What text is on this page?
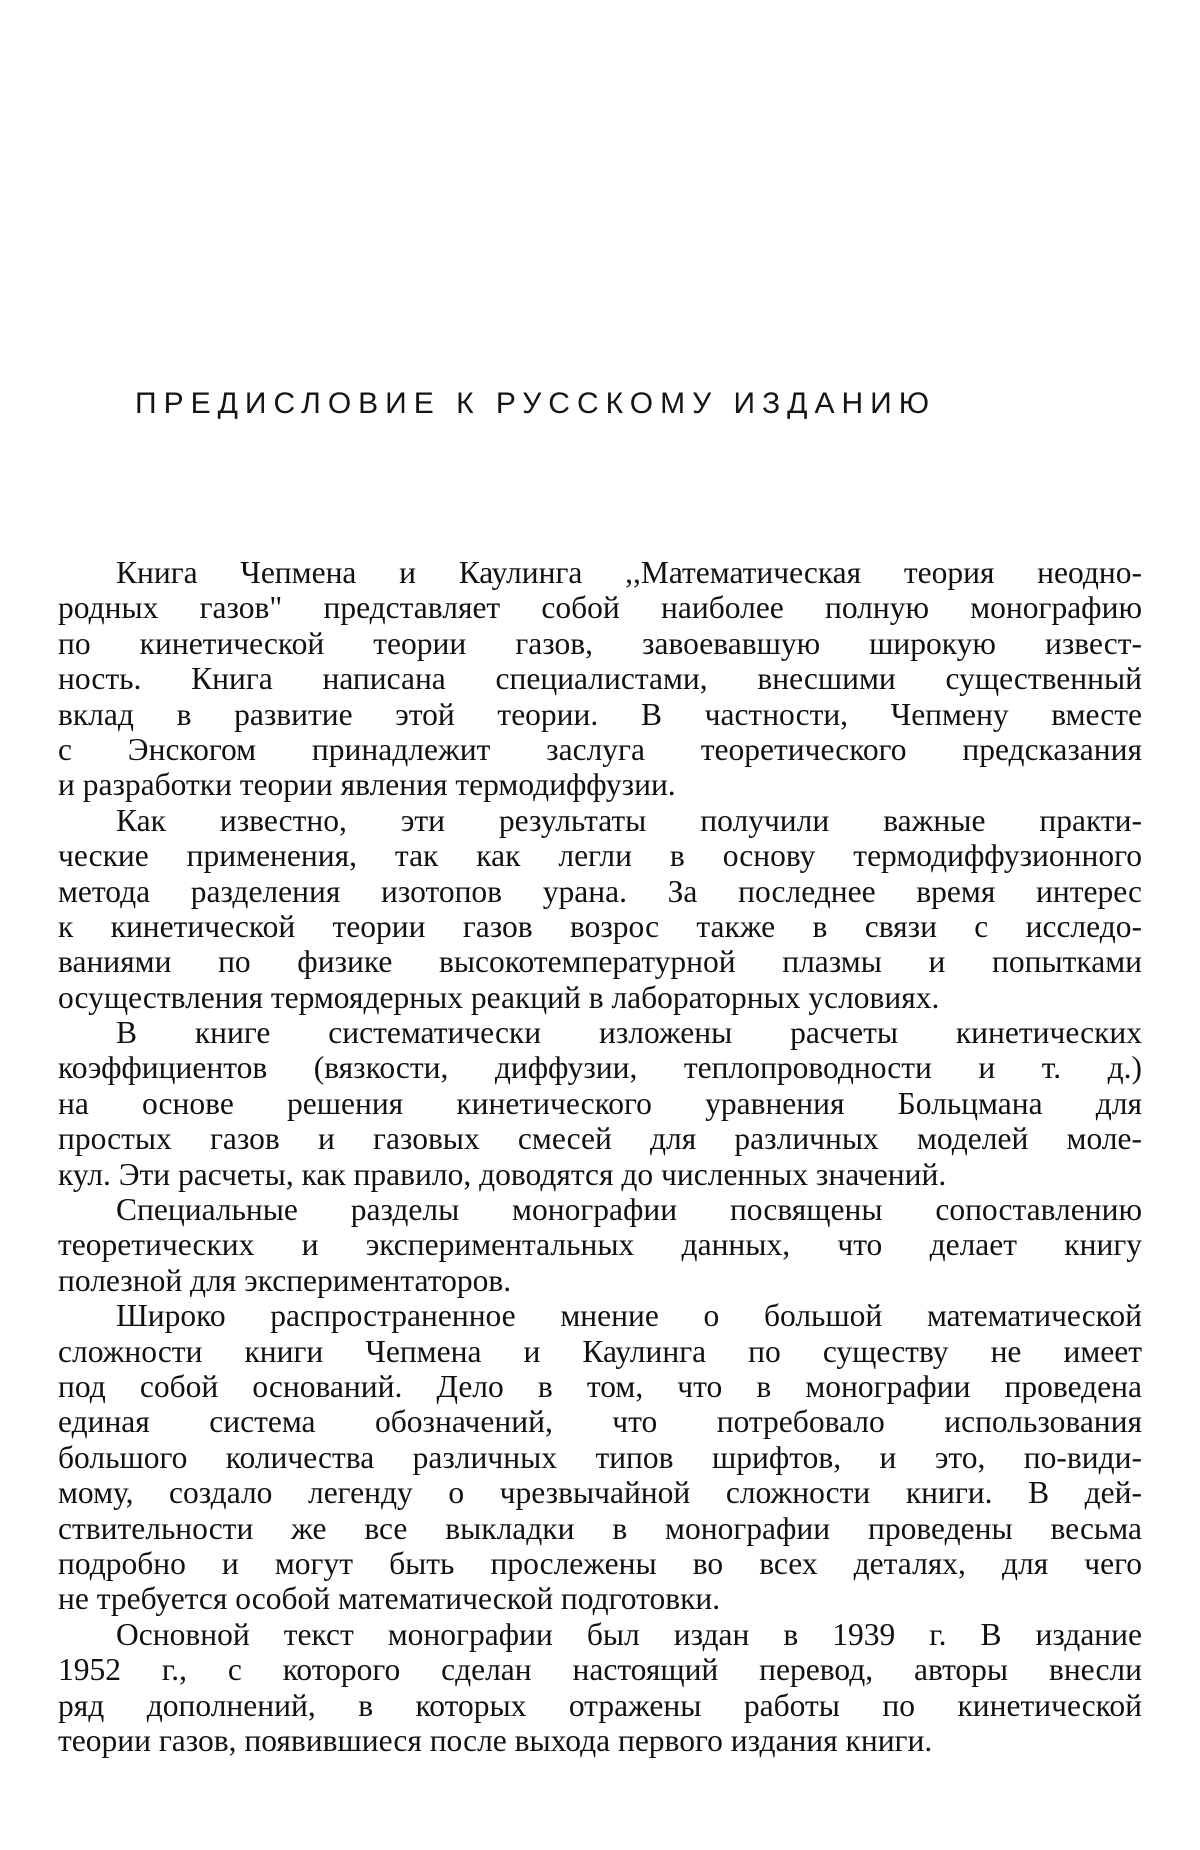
ПРЕДИСЛОВИЕ К РУССКОМУ ИЗДАНИЮ
Книга Чепмена и Каулинга ,,Математическая теория неодно-
родных газов" представляет собой наиболее полную монографию
по кинетической теории газов, завоевавшую широкую извест-
ность. Книга написана специалистами, внесшими существенный
вклад в развитие этой теории. В частности, Чепмену вместе
с Энскогом принадлежит заслуга теоретического предсказания
и разработки теории явления термодиффузии.
Как известно, эти результаты получили важные практи-
ческие применения, так как легли в основу термодиффузионного
метода разделения изотопов урана. За последнее время интерес
к кинетической теории газов возрос также в связи с исследо-
ваниями по физике высокотемпературной плазмы и попытками
осуществления термоядерных реакций в лабораторных условиях.
В книге систематически изложены расчеты кинетических
коэффициентов (вязкости, диффузии, теплопроводности и т. д.)
на основе решения кинетического уравнения Больцмана для
простых газов и газовых смесей для различных моделей моле-
кул. Эти расчеты, как правило, доводятся до численных значений.
Специальные разделы монографии посвящены сопоставлению
теоретических и экспериментальных данных, что делает книгу
полезной для экспериментаторов.
Широко распространенное мнение о большой математической
сложности книги Чепмена и Каулинга по существу не имеет
под собой оснований. Дело в том, что в монографии проведена
единая система обозначений, что потребовало использования
большого количества различных типов шрифтов, и это, по-види-
мому, создало легенду о чрезвычайной сложности книги. В дей-
ствительности же все выкладки в монографии проведены весьма
подробно и могут быть прослежены во всех деталях, для чего
не требуется особой математической подготовки.
Основной текст монографии был издан в 1939 г. В издание
1952 г., с которого сделан настоящий перевод, авторы внесли
ряд дополнений, в которых отражены работы по кинетической
теории газов, появившиеся после выхода первого издания книги.
